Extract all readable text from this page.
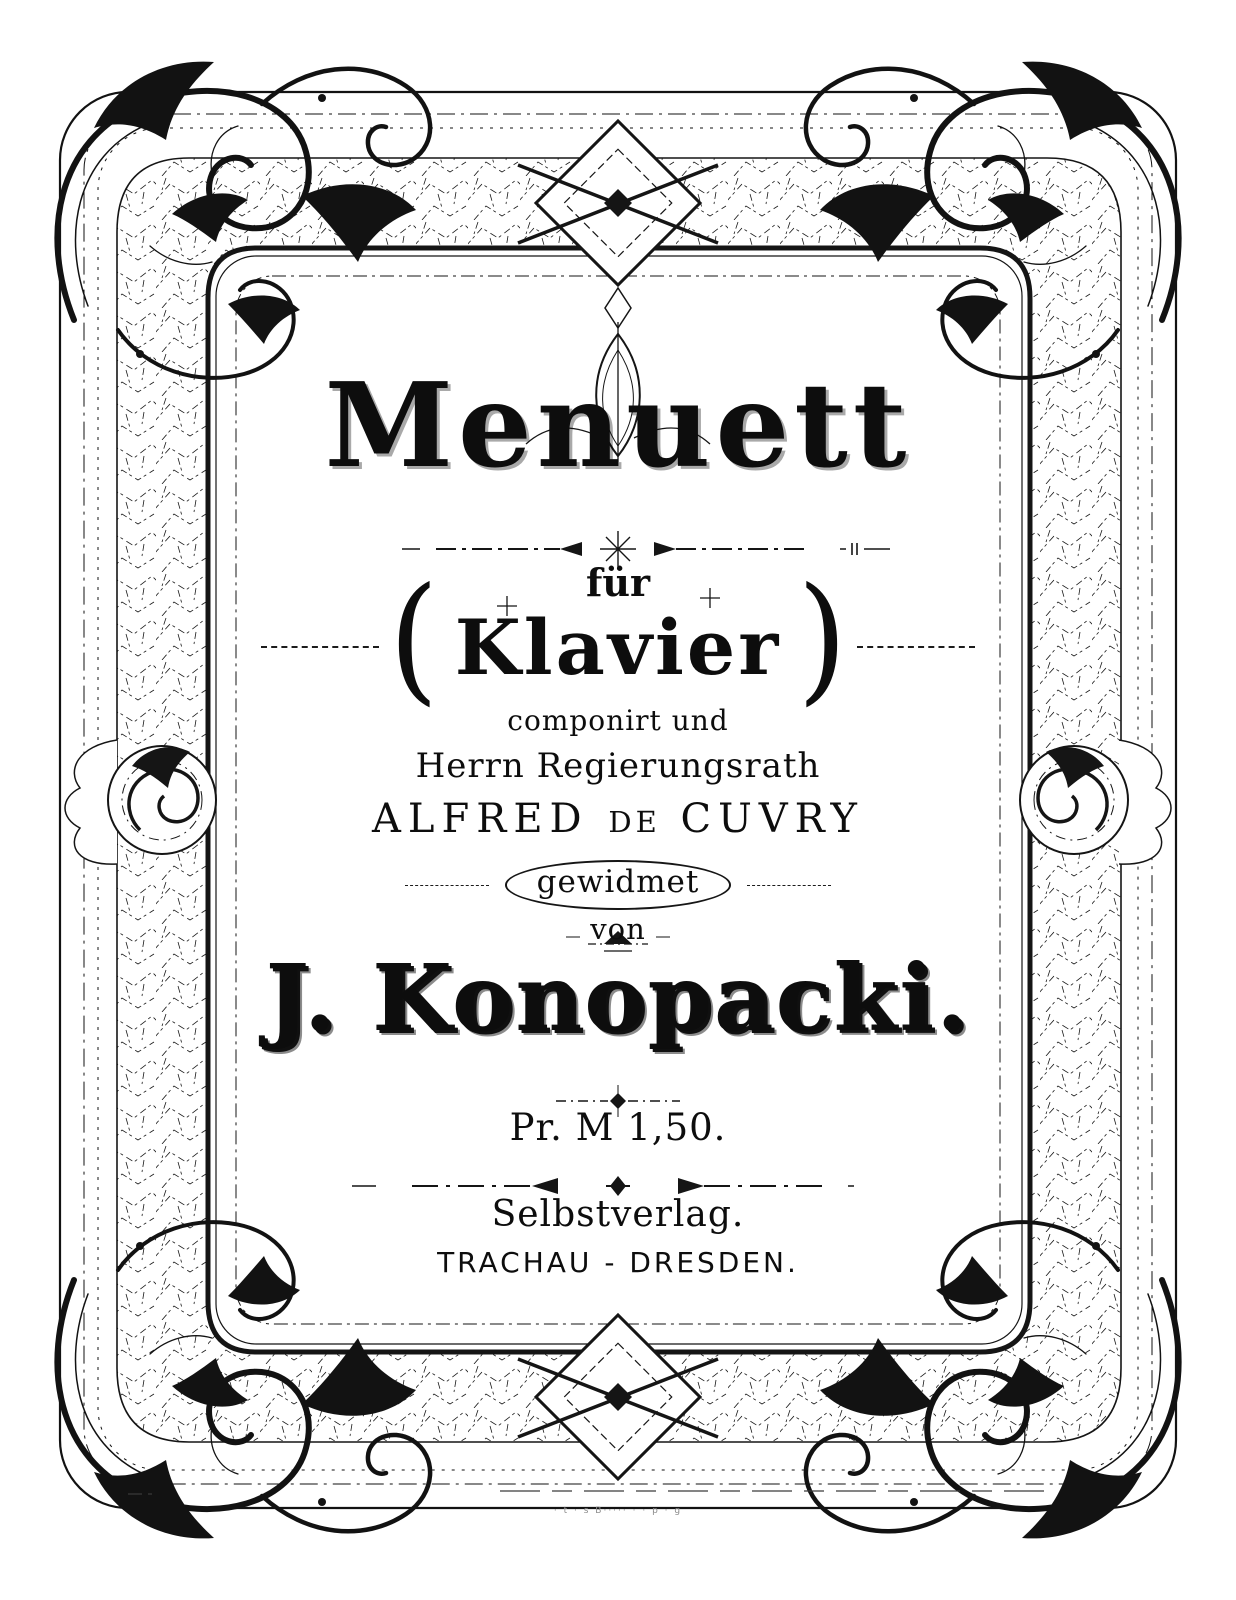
Menuett
für
( Klavier )
componirt und
Herrn Regierungsrath
ALFRED DE CUVRY
gewidmet
von
J. Konopacki.
Pr. M 1,50.
Selbstverlag.
TRACHAU - DRESDEN.
· t · s B····· · · p · g
